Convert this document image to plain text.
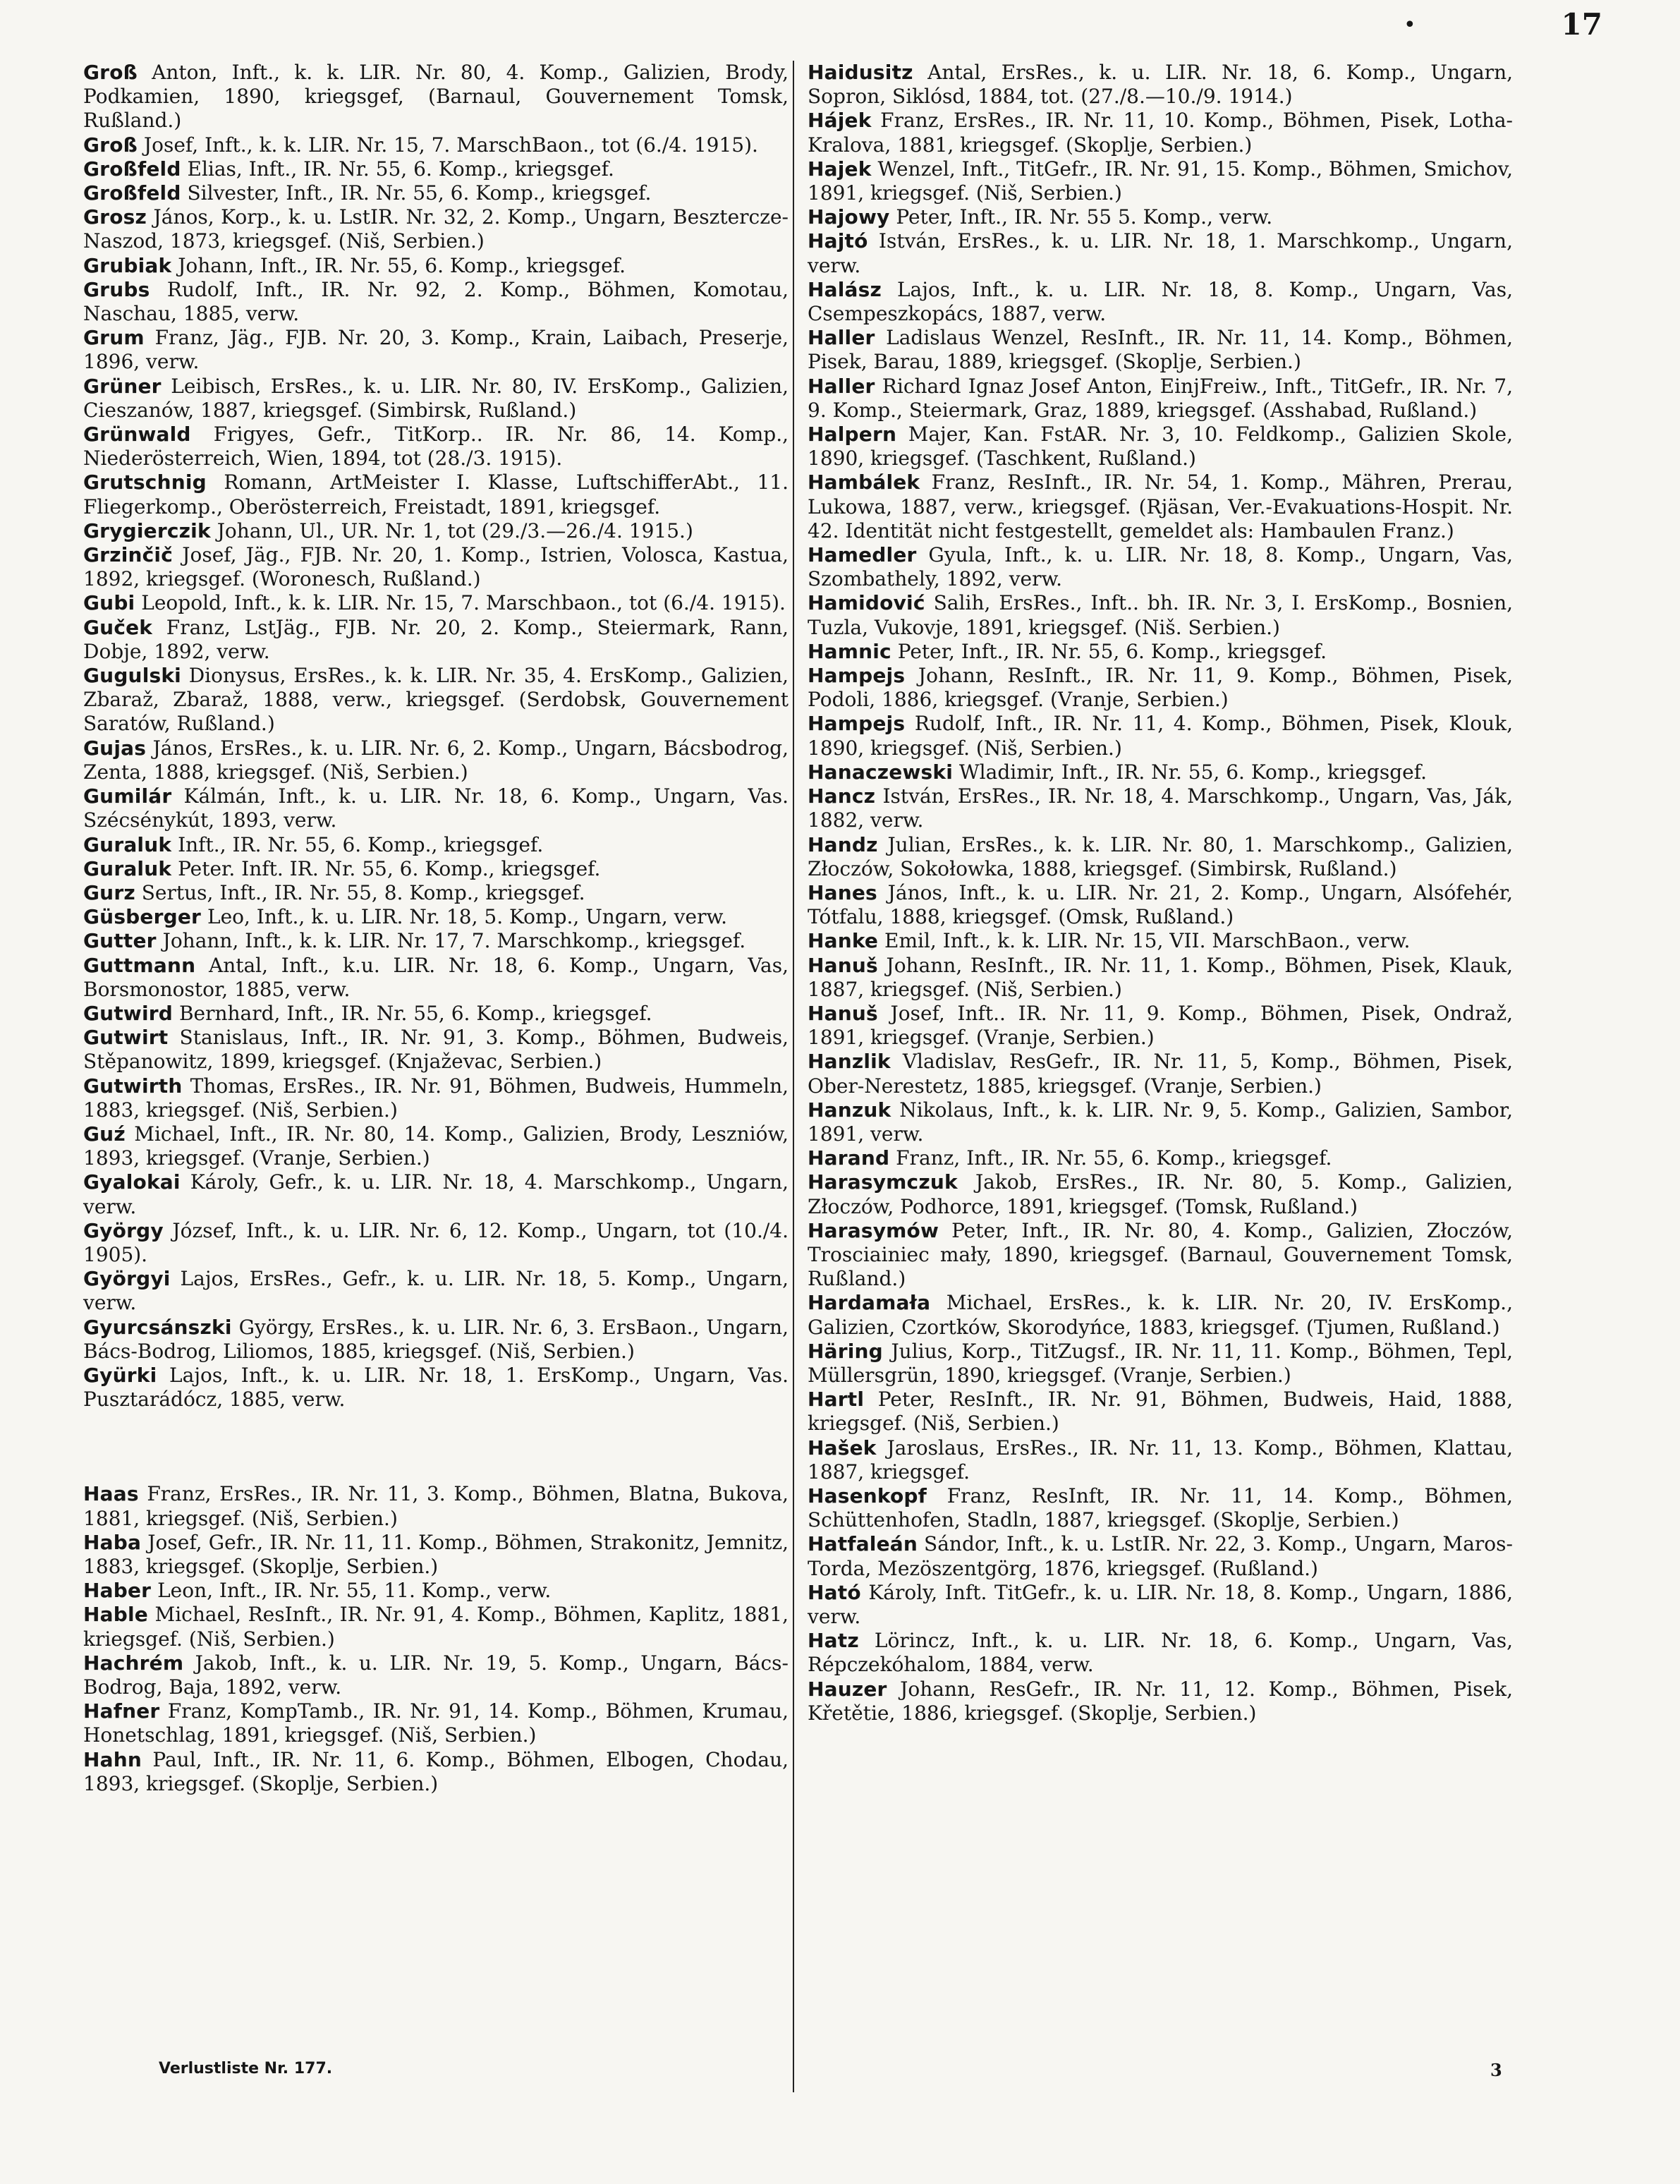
•	17

Groß Anton, Inft., k. k. LIR. Nr. 80, 4. Komp., Galizien, Brody, Podkamien, 1890, kriegsgef, (Barnaul, Gouvernement Tomsk, Rußland.)

Groß Josef, Inft., k. k. LIR. Nr. 15, 7. MarschBaon., tot (6./4. 1915).

Großfeld Elias, Inft., IR. Nr. 55, 6. Komp., kriegsgef.

Großfeld Silvester, Inft., IR. Nr. 55, 6. Komp., kriegsgef.

Grosz János, Korp., k. u. LstIR. Nr. 32, 2. Komp., Ungarn, Besztercze-Naszod, 1873, kriegsgef. (Niš, Serbien.)

Grubiak Johann, Inft., IR. Nr. 55, 6. Komp., kriegsgef.

Grubs Rudolf, Inft., IR. Nr. 92, 2. Komp., Böhmen, Komotau, Naschau, 1885, verw.

Grum Franz, Jäg., FJB. Nr. 20, 3. Komp., Krain, Laibach, Preserje, 1896, verw.

Grüner Leibisch, ErsRes., k. u. LIR. Nr. 80, IV. ErsKomp., Galizien, Cieszanów, 1887, kriegsgef. (Simbirsk, Rußland.)

Grünwald Frigyes, Gefr., TitKorp.. IR. Nr. 86, 14. Komp., Niederösterreich, Wien, 1894, tot (28./3. 1915).

Grutschnig Romann, ArtMeister I. Klasse, LuftschifferAbt., 11. Fliegerkomp., Oberösterreich, Freistadt, 1891, kriegsgef.

Grygierczik Johann, Ul., UR. Nr. 1, tot (29./3.—26./4. 1915.)

Grzinčič Josef, Jäg., FJB. Nr. 20, 1. Komp., Istrien, Volosca, Kastua, 1892, kriegsgef. (Woronesch, Rußland.)

Gubi Leopold, Inft., k. k. LIR. Nr. 15, 7. Marschbaon., tot (6./4. 1915).

Guček Franz, LstJäg., FJB. Nr. 20, 2. Komp., Steiermark, Rann, Dobje, 1892, verw.

Gugulski Dionysus, ErsRes., k. k. LIR. Nr. 35, 4. ErsKomp., Galizien, Zbaraž, Zbaraž, 1888, verw., kriegsgef. (Serdobsk, Gouvernement Saratów, Rußland.)

Gujas János, ErsRes., k. u. LIR. Nr. 6, 2. Komp., Ungarn, Bácsbodrog, Zenta, 1888, kriegsgef. (Niš, Serbien.)

Gumilár Kálmán, Inft., k. u. LIR. Nr. 18, 6. Komp., Ungarn, Vas. Szécsénykút, 1893, verw.

Guraluk Inft., IR. Nr. 55, 6. Komp., kriegsgef.

Guraluk Peter. Inft. IR. Nr. 55, 6. Komp., kriegsgef.

Gurz Sertus, Inft., IR. Nr. 55, 8. Komp., kriegsgef.

Güsberger Leo, Inft., k. u. LIR. Nr. 18, 5. Komp., Ungarn, verw.

Gutter Johann, Inft., k. k. LIR. Nr. 17, 7. Marschkomp., kriegsgef.

Guttmann Antal, Inft., k.u. LIR. Nr. 18, 6. Komp., Ungarn, Vas, Borsmonostor, 1885, verw.

Gutwird Bernhard, Inft., IR. Nr. 55, 6. Komp., kriegsgef.

Gutwirt Stanislaus, Inft., IR. Nr. 91, 3. Komp., Böhmen, Budweis, Stěpanowitz, 1899, kriegsgef. (Knjaževac, Serbien.)

Gutwirth Thomas, ErsRes., IR. Nr. 91, Böhmen, Budweis, Hummeln, 1883, kriegsgef. (Niš, Serbien.)

Guź Michael, Inft., IR. Nr. 80, 14. Komp., Galizien, Brody, Leszniów, 1893, kriegsgef. (Vranje, Serbien.)

Gyalokai Károly, Gefr., k. u. LIR. Nr. 18, 4. Marschkomp., Ungarn, verw.

György József, Inft., k. u. LIR. Nr. 6, 12. Komp., Ungarn, tot (10./4. 1905).

Györgyi Lajos, ErsRes., Gefr., k. u. LIR. Nr. 18, 5. Komp., Ungarn, verw.

Gyurcsánszki György, ErsRes., k. u. LIR. Nr. 6, 3. ErsBaon., Ungarn, Bács-Bodrog, Liliomos, 1885, kriegsgef. (Niš, Serbien.)

Gyürki Lajos, Inft., k. u. LIR. Nr. 18, 1. ErsKomp., Ungarn, Vas. Pusztarádócz, 1885, verw.

Haas Franz, ErsRes., IR. Nr. 11, 3. Komp., Böhmen, Blatna, Bukova, 1881, kriegsgef. (Niš, Serbien.)

Haba Josef, Gefr., IR. Nr. 11, 11. Komp., Böhmen, Strakonitz, Jemnitz, 1883, kriegsgef. (Skoplje, Serbien.)

Haber Leon, Inft., IR. Nr. 55, 11. Komp., verw.

Hable Michael, ResInft., IR. Nr. 91, 4. Komp., Böhmen, Kaplitz, 1881, kriegsgef. (Niš, Serbien.)

Hachrém Jakob, Inft., k. u. LIR. Nr. 19, 5. Komp., Ungarn, Bács-Bodrog, Baja, 1892, verw.

Hafner Franz, KompTamb., IR. Nr. 91, 14. Komp., Böhmen, Krumau, Honetschlag, 1891, kriegsgef. (Niš, Serbien.)

Hahn Paul, Inft., IR. Nr. 11, 6. Komp., Böhmen, Elbogen, Chodau, 1893, kriegsgef. (Skoplje, Serbien.)

Haidusitz Antal, ErsRes., k. u. LIR. Nr. 18, 6. Komp., Ungarn, Sopron, Siklósd, 1884, tot. (27./8.—10./9. 1914.)

Hájek Franz, ErsRes., IR. Nr. 11, 10. Komp., Böhmen, Pisek, Lotha-Kralova, 1881, kriegsgef. (Skoplje, Serbien.)

Hajek Wenzel, Inft., TitGefr., IR. Nr. 91, 15. Komp., Böhmen, Smichov, 1891, kriegsgef. (Niš, Serbien.)

Hajowy Peter, Inft., IR. Nr. 55 5. Komp., verw.

Hajtó István, ErsRes., k. u. LIR. Nr. 18, 1. Marschkomp., Ungarn, verw.

Halász Lajos, Inft., k. u. LIR. Nr. 18, 8. Komp., Ungarn, Vas, Csempeszkopács, 1887, verw.

Haller Ladislaus Wenzel, ResInft., IR. Nr. 11, 14. Komp., Böhmen, Pisek, Barau, 1889, kriegsgef. (Skoplje, Serbien.)

Haller Richard Ignaz Josef Anton, EinjFreiw., Inft., TitGefr., IR. Nr. 7, 9. Komp., Steiermark, Graz, 1889, kriegsgef. (Asshabad, Rußland.)

Halpern Majer, Kan. FstAR. Nr. 3, 10. Feldkomp., Galizien Skole, 1890, kriegsgef. (Taschkent, Rußland.)

Hambálek Franz, ResInft., IR. Nr. 54, 1. Komp., Mähren, Prerau, Lukowa, 1887, verw., kriegsgef. (Rjäsan, Ver.-Evakuations-Hospit. Nr. 42. Identität nicht festgestellt, gemeldet als: Hambaulen Franz.)

Hamedler Gyula, Inft., k. u. LIR. Nr. 18, 8. Komp., Ungarn, Vas, Szombathely, 1892, verw.

Hamidović Salih, ErsRes., Inft.. bh. IR. Nr. 3, I. ErsKomp., Bosnien, Tuzla, Vukovje, 1891, kriegsgef. (Niš. Serbien.)

Hamnic Peter, Inft., IR. Nr. 55, 6. Komp., kriegsgef.

Hampejs Johann, ResInft., IR. Nr. 11, 9. Komp., Böhmen, Pisek, Podoli, 1886, kriegsgef. (Vranje, Serbien.)

Hampejs Rudolf, Inft., IR. Nr. 11, 4. Komp., Böhmen, Pisek, Klouk, 1890, kriegsgef. (Niš, Serbien.)

Hanaczewski Wladimir, Inft., IR. Nr. 55, 6. Komp., kriegsgef.

Hancz István, ErsRes., IR. Nr. 18, 4. Marschkomp., Ungarn, Vas, Ják, 1882, verw.

Handz Julian, ErsRes., k. k. LIR. Nr. 80, 1. Marschkomp., Galizien, Złoczów, Sokołowka, 1888, kriegsgef. (Simbirsk, Rußland.)

Hanes János, Inft., k. u. LIR. Nr. 21, 2. Komp., Ungarn, Alsófehér, Tótfalu, 1888, kriegsgef. (Omsk, Rußland.)

Hanke Emil, Inft., k. k. LIR. Nr. 15, VII. MarschBaon., verw.

Hanuš Johann, ResInft., IR. Nr. 11, 1. Komp., Böhmen, Pisek, Klauk, 1887, kriegsgef. (Niš, Serbien.)

Hanuš Josef, Inft.. IR. Nr. 11, 9. Komp., Böhmen, Pisek, Ondraž, 1891, kriegsgef. (Vranje, Serbien.)

Hanzlik Vladislav, ResGefr., IR. Nr. 11, 5, Komp., Böhmen, Pisek, Ober-Nerestetz, 1885, kriegsgef. (Vranje, Serbien.)

Hanzuk Nikolaus, Inft., k. k. LIR. Nr. 9, 5. Komp., Galizien, Sambor, 1891, verw.

Harand Franz, Inft., IR. Nr. 55, 6. Komp., kriegsgef.

Harasymczuk Jakob, ErsRes., IR. Nr. 80, 5. Komp., Galizien, Złoczów, Podhorce, 1891, kriegsgef. (Tomsk, Rußland.)

Harasymów Peter, Inft., IR. Nr. 80, 4. Komp., Galizien, Złoczów, Trosciainiec mały, 1890, kriegsgef. (Barnaul, Gouvernement Tomsk, Rußland.)

Hardamała Michael, ErsRes., k. k. LIR. Nr. 20, IV. ErsKomp., Galizien, Czortków, Skorodyńce, 1883, kriegsgef. (Tjumen, Rußland.)

Häring Julius, Korp., TitZugsf., IR. Nr. 11, 11. Komp., Böhmen, Tepl, Müllersgrün, 1890, kriegsgef. (Vranje, Serbien.)

Hartl Peter, ResInft., IR. Nr. 91, Böhmen, Budweis, Haid, 1888, kriegsgef. (Niš, Serbien.)

Hašek Jaroslaus, ErsRes., IR. Nr. 11, 13. Komp., Böhmen, Klattau, 1887, kriegsgef.

Hasenkopf Franz, ResInft, IR. Nr. 11, 14. Komp., Böhmen, Schüttenhofen, Stadln, 1887, kriegsgef. (Skoplje, Serbien.)

Hatfaleán Sándor, Inft., k. u. LstIR. Nr. 22, 3. Komp., Ungarn, Maros-Torda, Mezöszentgörg, 1876, kriegsgef. (Rußland.)

Ható Károly, Inft. TitGefr., k. u. LIR. Nr. 18, 8. Komp., Ungarn, 1886, verw.

Hatz Lörincz, Inft., k. u. LIR. Nr. 18, 6. Komp., Ungarn, Vas, Répczekóhalom, 1884, verw.

Hauzer Johann, ResGefr., IR. Nr. 11, 12. Komp., Böhmen, Pisek, Křetětie, 1886, kriegsgef. (Skoplje, Serbien.)

Verlustliste Nr. 177.	3
